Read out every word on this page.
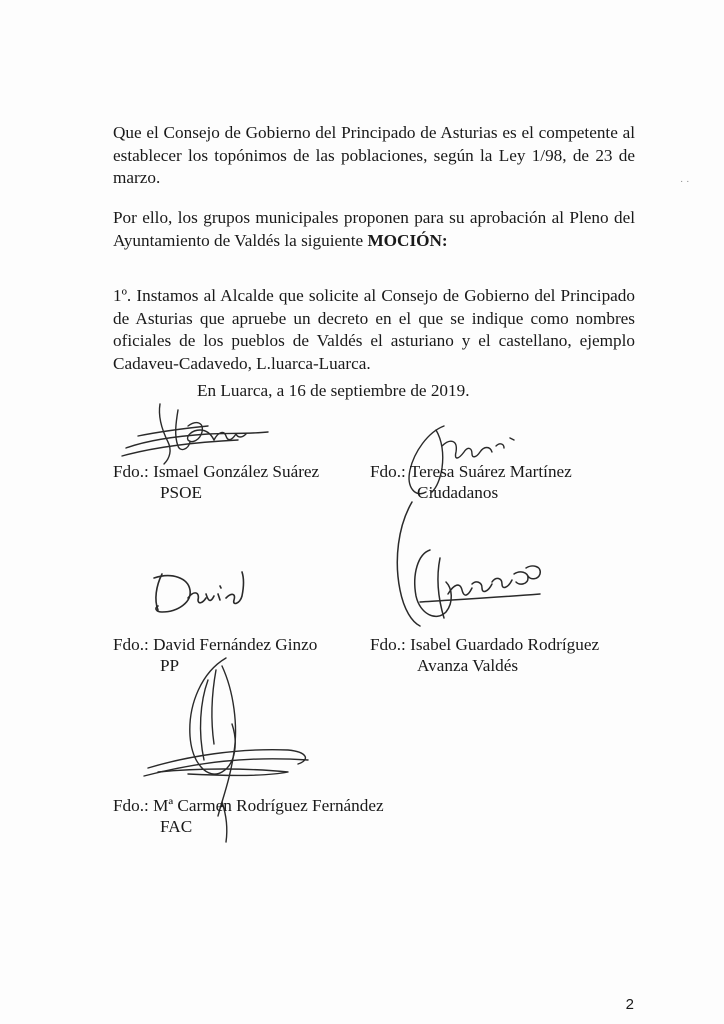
Que el Consejo de Gobierno del Principado de Asturias es el competente al establecer los topónimos de las poblaciones, según la Ley 1/98, de 23 de marzo.

Por ello, los grupos municipales proponen para su aprobación al Pleno del Ayuntamiento de Valdés la siguiente MOCIÓN:

1º. Instamos al Alcalde que solicite al Consejo de Gobierno del Principado de Asturias que apruebe un decreto en el que se indique como nombres oficiales de los pueblos de Valdés el asturiano y el castellano, ejemplo Cadaveu-Cadavedo, L.luarca-Luarca.

En Luarca, a 16 de septiembre de 2019.

Fdo.: Ismael González Suárez
PSOE
Fdo.: Teresa Suárez Martínez
Ciudadanos
Fdo.: David Fernández Ginzo
PP
Fdo.: Isabel Guardado Rodríguez
Avanza Valdés
Fdo.: Mª Carmen Rodríguez Fernández
FAC
· ·
2
